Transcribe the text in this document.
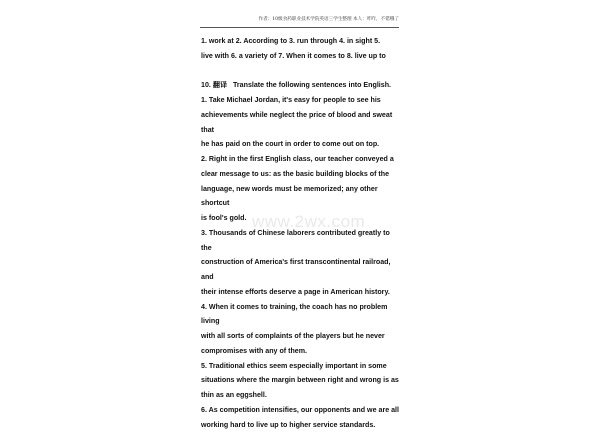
作者：10级食药职业技术学院英语三学生整理 本人：咋咋，不错哦了
www.2wx.com

1. work at 2. According to 3. run through 4. in sight 5.

live with 6. a variety of 7. When it comes to 8. live up to

10. 翻译 Translate the following sentences into English.

1. Take Michael Jordan, it's easy for people to see his

achievements while neglect the price of blood and sweat that

he has paid on the court in order to come out on top.

2. Right in the first English class, our teacher conveyed a

clear message to us: as the basic building blocks of the

language, new words must be memorized; any other shortcut

is fool's gold.

3. Thousands of Chinese laborers contributed greatly to the

construction of America's first transcontinental railroad, and

their intense efforts deserve a page in American history.

4. When it comes to training, the coach has no problem living

with all sorts of complaints of the players but he never

compromises with any of them.

5. Traditional ethics seem especially important in some

situations where the margin between right and wrong is as

thin as an eggshell.

6. As competition intensifies, our opponents and we are all

working hard to live up to higher service standards.
